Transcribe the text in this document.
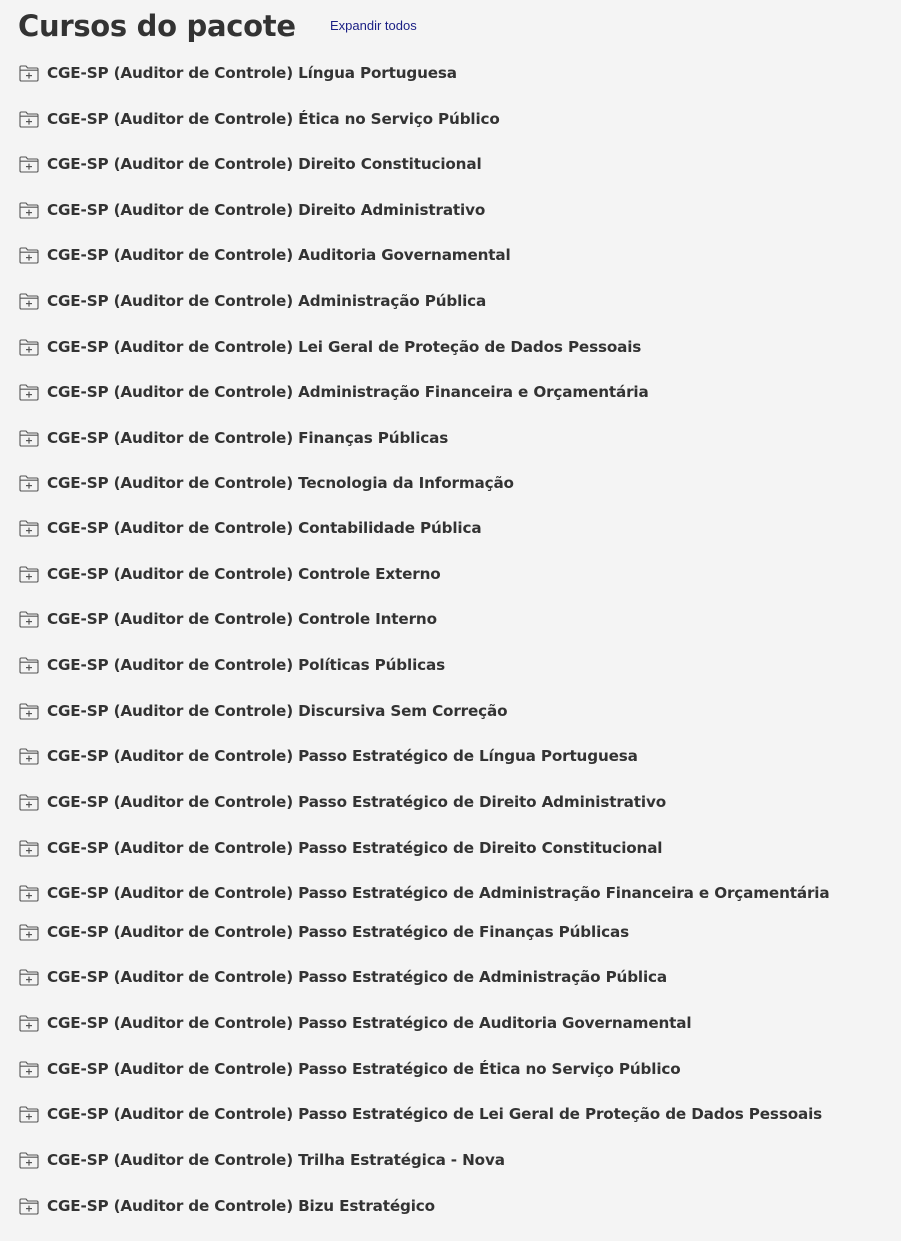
Cursos do pacote	Expandir todos
CGE-SP (Auditor de Controle) Língua Portuguesa
CGE-SP (Auditor de Controle) Ética no Serviço Público
CGE-SP (Auditor de Controle) Direito Constitucional
CGE-SP (Auditor de Controle) Direito Administrativo
CGE-SP (Auditor de Controle) Auditoria Governamental
CGE-SP (Auditor de Controle) Administração Pública
CGE-SP (Auditor de Controle) Lei Geral de Proteção de Dados Pessoais
CGE-SP (Auditor de Controle) Administração Financeira e Orçamentária
CGE-SP (Auditor de Controle) Finanças Públicas
CGE-SP (Auditor de Controle) Tecnologia da Informação
CGE-SP (Auditor de Controle) Contabilidade Pública
CGE-SP (Auditor de Controle) Controle Externo
CGE-SP (Auditor de Controle) Controle Interno
CGE-SP (Auditor de Controle) Políticas Públicas
CGE-SP (Auditor de Controle) Discursiva Sem Correção
CGE-SP (Auditor de Controle) Passo Estratégico de Língua Portuguesa
CGE-SP (Auditor de Controle) Passo Estratégico de Direito Administrativo
CGE-SP (Auditor de Controle) Passo Estratégico de Direito Constitucional
CGE-SP (Auditor de Controle) Passo Estratégico de Administração Financeira e Orçamentária
CGE-SP (Auditor de Controle) Passo Estratégico de Finanças Públicas
CGE-SP (Auditor de Controle) Passo Estratégico de Administração Pública
CGE-SP (Auditor de Controle) Passo Estratégico de Auditoria Governamental
CGE-SP (Auditor de Controle) Passo Estratégico de Ética no Serviço Público
CGE-SP (Auditor de Controle) Passo Estratégico de Lei Geral de Proteção de Dados Pessoais
CGE-SP (Auditor de Controle) Trilha Estratégica - Nova
CGE-SP (Auditor de Controle) Bizu Estratégico
